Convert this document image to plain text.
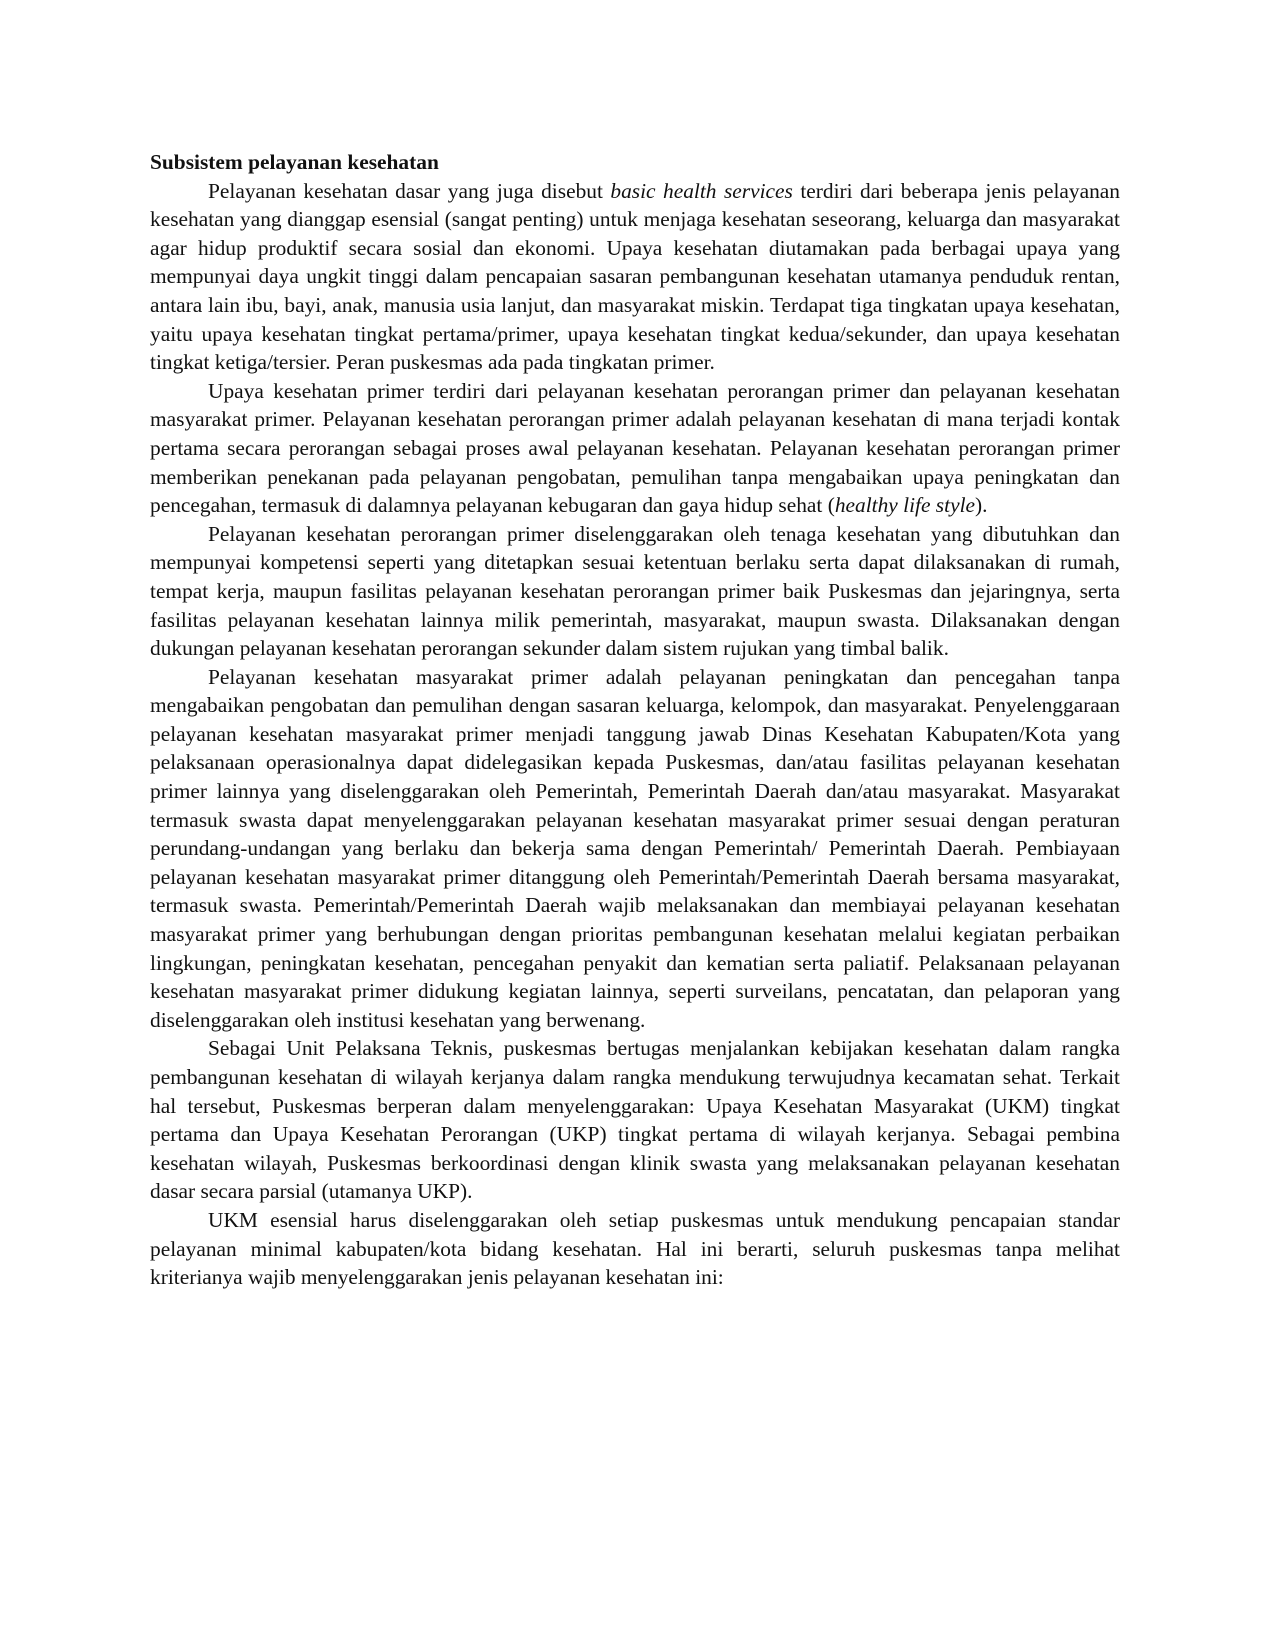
Subsistem pelayanan kesehatan

Pelayanan kesehatan dasar yang juga disebut basic health services terdiri dari beberapa jenis pelayanan kesehatan yang dianggap esensial (sangat penting) untuk menjaga kesehatan seseorang, keluarga dan masyarakat agar hidup produktif secara sosial dan ekonomi. Upaya kesehatan diutamakan pada berbagai upaya yang mempunyai daya ungkit tinggi dalam pencapaian sasaran pembangunan kesehatan utamanya penduduk rentan, antara lain ibu, bayi, anak, manusia usia lanjut, dan masyarakat miskin. Terdapat tiga tingkatan upaya kesehatan, yaitu upaya kesehatan tingkat pertama/primer, upaya kesehatan tingkat kedua/sekunder, dan upaya kesehatan tingkat ketiga/tersier. Peran puskesmas ada pada tingkatan primer.

Upaya kesehatan primer terdiri dari pelayanan kesehatan perorangan primer dan pelayanan kesehatan masyarakat primer. Pelayanan kesehatan perorangan primer adalah pelayanan kesehatan di mana terjadi kontak pertama secara perorangan sebagai proses awal pelayanan kesehatan. Pelayanan kesehatan perorangan primer memberikan penekanan pada pelayanan pengobatan, pemulihan tanpa mengabaikan upaya peningkatan dan pencegahan, termasuk di dalamnya pelayanan kebugaran dan gaya hidup sehat (healthy life style).

Pelayanan kesehatan perorangan primer diselenggarakan oleh tenaga kesehatan yang dibutuhkan dan mempunyai kompetensi seperti yang ditetapkan sesuai ketentuan berlaku serta dapat dilaksanakan di rumah, tempat kerja, maupun fasilitas pelayanan kesehatan perorangan primer baik Puskesmas dan jejaringnya, serta fasilitas pelayanan kesehatan lainnya milik pemerintah, masyarakat, maupun swasta. Dilaksanakan dengan dukungan pelayanan kesehatan perorangan sekunder dalam sistem rujukan yang timbal balik.

Pelayanan kesehatan masyarakat primer adalah pelayanan peningkatan dan pencegahan tanpa mengabaikan pengobatan dan pemulihan dengan sasaran keluarga, kelompok, dan masyarakat. Penyelenggaraan pelayanan kesehatan masyarakat primer menjadi tanggung jawab Dinas Kesehatan Kabupaten/Kota yang pelaksanaan operasionalnya dapat didelegasikan kepada Puskesmas, dan/atau fasilitas pelayanan kesehatan primer lainnya yang diselenggarakan oleh Pemerintah, Pemerintah Daerah dan/atau masyarakat. Masyarakat termasuk swasta dapat menyelenggarakan pelayanan kesehatan masyarakat primer sesuai dengan peraturan perundang-undangan yang berlaku dan bekerja sama dengan Pemerintah/ Pemerintah Daerah. Pembiayaan pelayanan kesehatan masyarakat primer ditanggung oleh Pemerintah/Pemerintah Daerah bersama masyarakat, termasuk swasta. Pemerintah/Pemerintah Daerah wajib melaksanakan dan membiayai pelayanan kesehatan masyarakat primer yang berhubungan dengan prioritas pembangunan kesehatan melalui kegiatan perbaikan lingkungan, peningkatan kesehatan, pencegahan penyakit dan kematian serta paliatif. Pelaksanaan pelayanan kesehatan masyarakat primer didukung kegiatan lainnya, seperti surveilans, pencatatan, dan pelaporan yang diselenggarakan oleh institusi kesehatan yang berwenang.

Sebagai Unit Pelaksana Teknis, puskesmas bertugas menjalankan kebijakan kesehatan dalam rangka pembangunan kesehatan di wilayah kerjanya dalam rangka mendukung terwujudnya kecamatan sehat. Terkait hal tersebut, Puskesmas berperan dalam menyelenggarakan: Upaya Kesehatan Masyarakat (UKM) tingkat pertama dan Upaya Kesehatan Perorangan (UKP) tingkat pertama di wilayah kerjanya. Sebagai pembina kesehatan wilayah, Puskesmas berkoordinasi dengan klinik swasta yang melaksanakan pelayanan kesehatan dasar secara parsial (utamanya UKP).

UKM esensial harus diselenggarakan oleh setiap puskesmas untuk mendukung pencapaian standar pelayanan minimal kabupaten/kota bidang kesehatan. Hal ini berarti, seluruh puskesmas tanpa melihat kriterianya wajib menyelenggarakan jenis pelayanan kesehatan ini:
